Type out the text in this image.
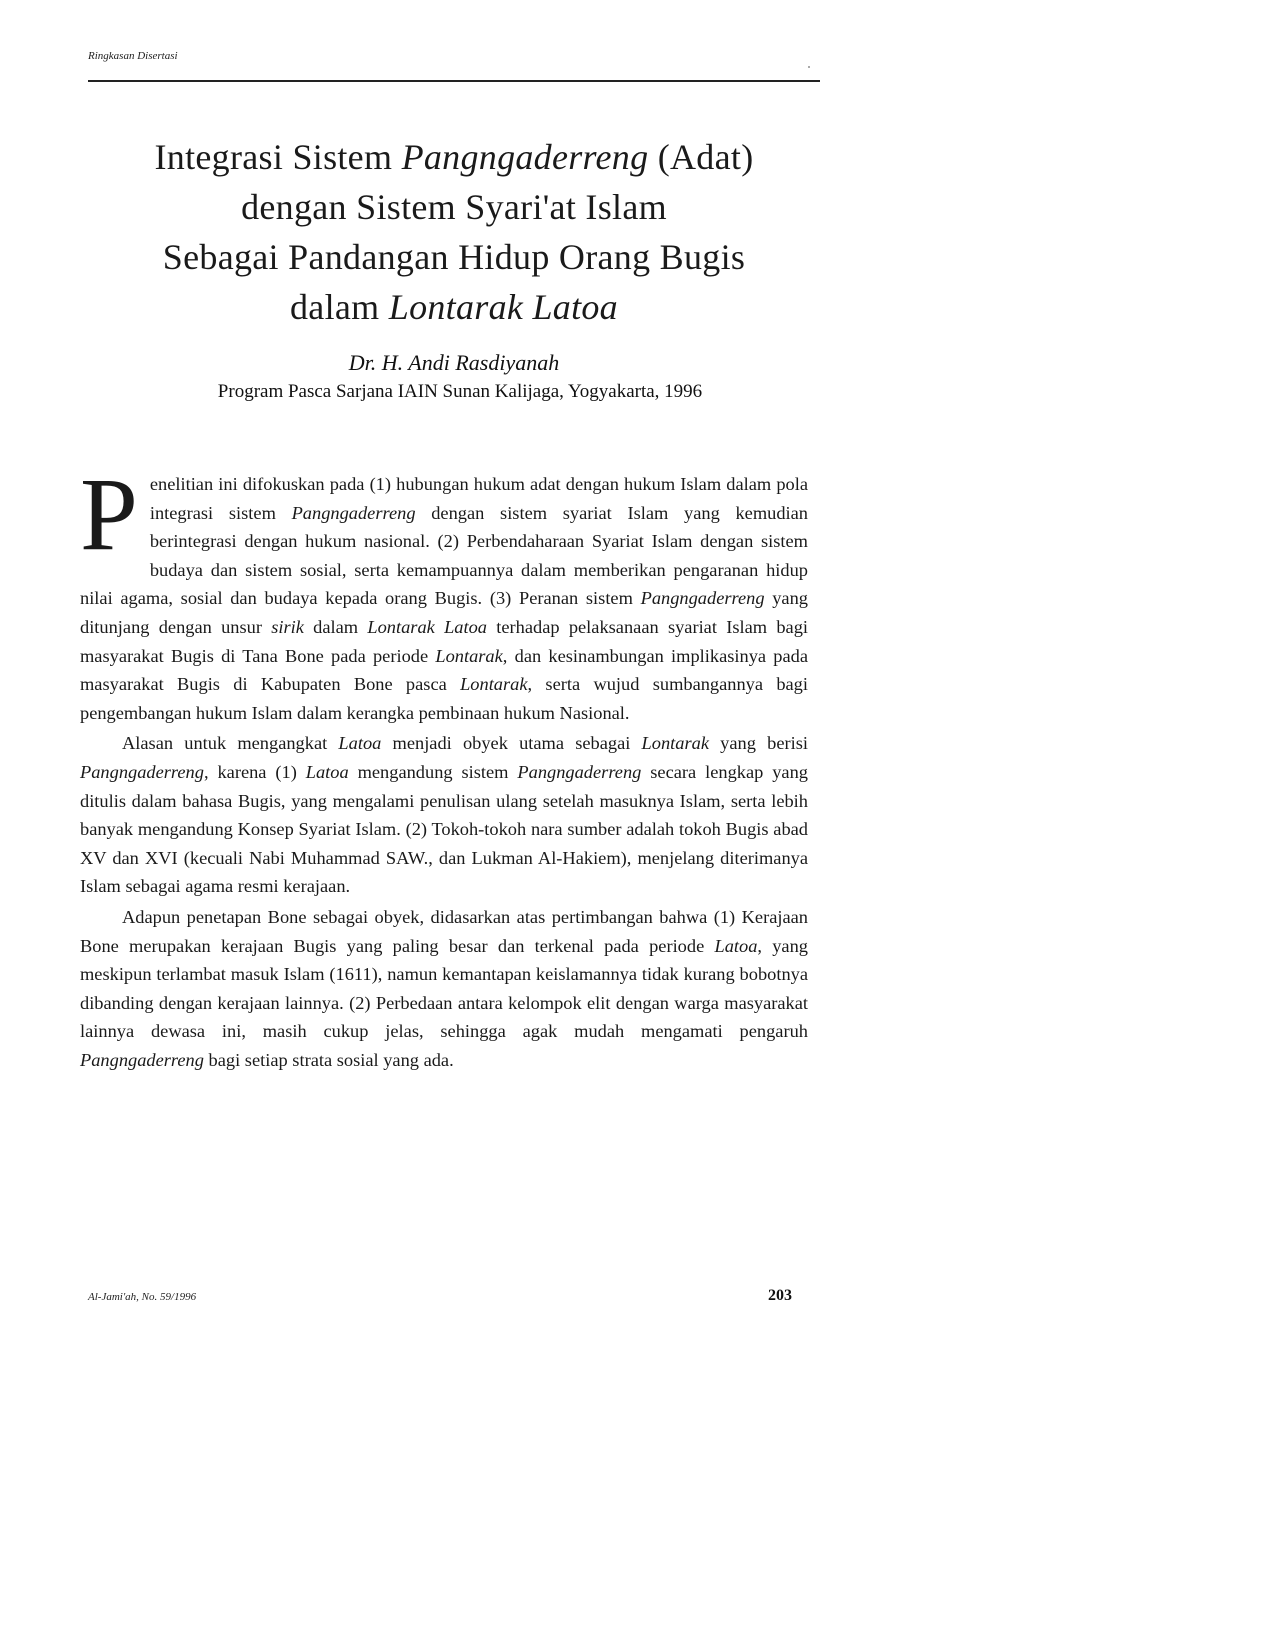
Ringkasan Disertasi
Integrasi Sistem Pangngaderreng (Adat)
dengan Sistem Syari'at Islam
Sebagai Pandangan Hidup Orang Bugis
dalam Lontarak Latoa
Dr. H. Andi Rasdiyanah
Program Pasca Sarjana IAIN Sunan Kalijaga, Yogyakarta, 1996

Penelitian ini difokuskan pada (1) hubungan hukum adat dengan hukum Islam dalam pola integrasi sistem Pangngaderreng dengan sistem syariat Islam yang kemudian berintegrasi dengan hukum nasional. (2) Perbendaharaan Syariat Islam dengan sistem budaya dan sistem sosial, serta kemampuannya dalam memberikan pengaranan hidup nilai agama, sosial dan budaya kepada orang Bugis. (3) Peranan sistem Pangngaderreng yang ditunjang dengan unsur sirik dalam Lontarak Latoa terhadap pelaksanaan syariat Islam bagi masyarakat Bugis di Tana Bone pada periode Lontarak, dan kesinambungan implikasinya pada masyarakat Bugis di Kabupaten Bone pasca Lontarak, serta wujud sumbangannya bagi pengembangan hukum Islam dalam kerangka pembinaan hukum Nasional.

Alasan untuk mengangkat Latoa menjadi obyek utama sebagai Lontarak yang berisi Pangngaderreng, karena (1) Latoa mengandung sistem Pangngaderreng secara lengkap yang ditulis dalam bahasa Bugis, yang mengalami penulisan ulang setelah masuknya Islam, serta lebih banyak mengandung Konsep Syariat Islam. (2) Tokoh-tokoh nara sumber adalah tokoh Bugis abad XV dan XVI (kecuali Nabi Muhammad SAW., dan Lukman Al-Hakiem), menjelang diterimanya Islam sebagai agama resmi kerajaan.

Adapun penetapan Bone sebagai obyek, didasarkan atas pertimbangan bahwa (1) Kerajaan Bone merupakan kerajaan Bugis yang paling besar dan terkenal pada periode Latoa, yang meskipun terlambat masuk Islam (1611), namun kemantapan keislamannya tidak kurang bobotnya dibanding dengan kerajaan lainnya. (2) Perbedaan antara kelompok elit dengan warga masyarakat lainnya dewasa ini, masih cukup jelas, sehingga agak mudah mengamati pengaruh Pangngaderreng bagi setiap strata sosial yang ada.

Al-Jami'ah, No. 59/1996	203
